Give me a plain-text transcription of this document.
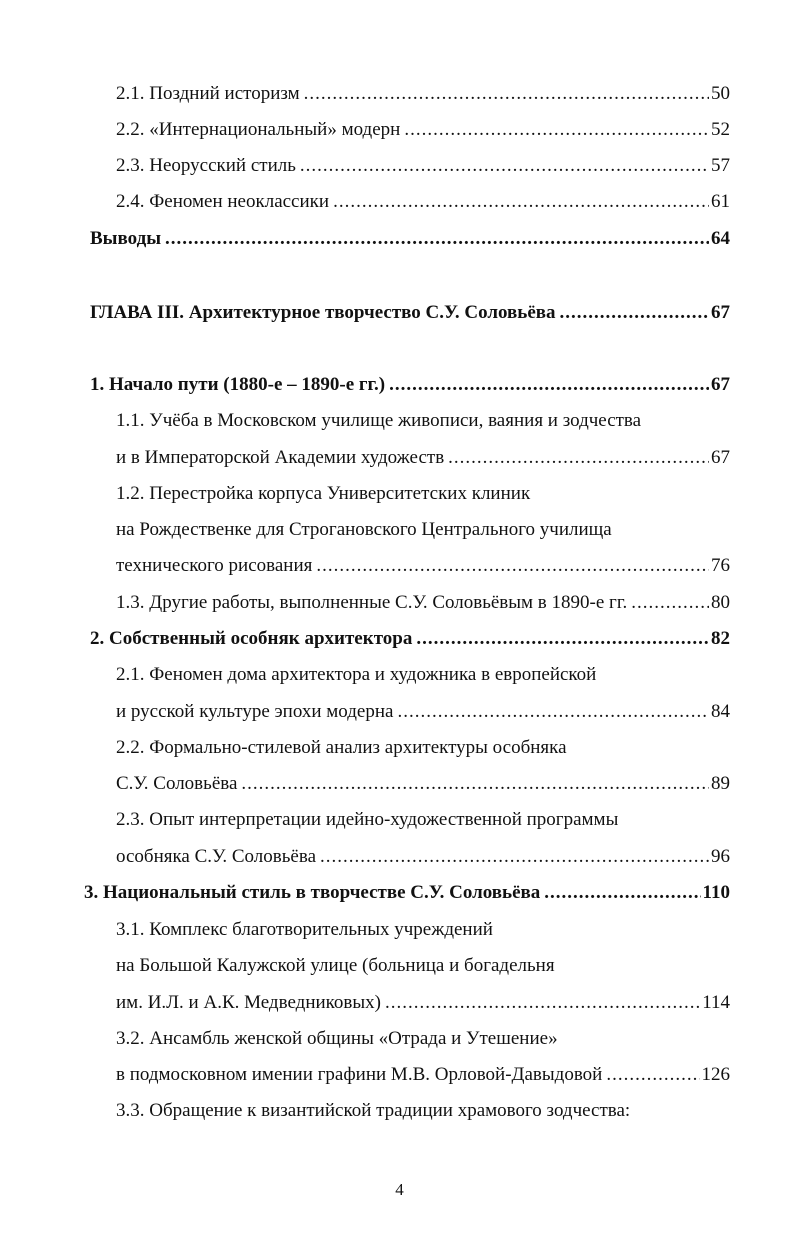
2.1. Поздний историзм .....	50
2.2. «Интернациональный» модерн .....	52
2.3. Неорусский стиль .....	57
2.4. Феномен неоклассики .....	61
Выводы .....	64
ГЛАВА III. Архитектурное творчество С.У. Соловьёва .....	67
1. Начало пути (1880-е – 1890-е гг.) .....	67
1.1. Учёба в Московском училище живописи, ваяния и зодчества
и в Императорской Академии художеств .....	67
1.2. Перестройка корпуса Университетских клиник
на Рождественке для Строгановского Центрального училища
технического рисования .....	76
1.3. Другие работы, выполненные С.У. Соловьёвым в 1890-е гг. .....	80
2. Собственный особняк архитектора .....	82
2.1. Феномен дома архитектора и художника в европейской
и русской культуре эпохи модерна .....	84
2.2. Формально-стилевой анализ архитектуры особняка
С.У. Соловьёва .....	89
2.3. Опыт интерпретации идейно-художественной программы
особняка С.У. Соловьёва .....	96
3. Национальный стиль в творчестве С.У. Соловьёва .....	110
3.1. Комплекс благотворительных учреждений
на Большой Калужской улице (больница и богадельня
им. И.Л. и А.К. Медведниковых) .....	114
3.2. Ансамбль женской общины «Отрада и Утешение»
в подмосковном имении графини М.В. Орловой-Давыдовой .....	126
3.3. Обращение к византийской традиции храмового зодчества:
4
